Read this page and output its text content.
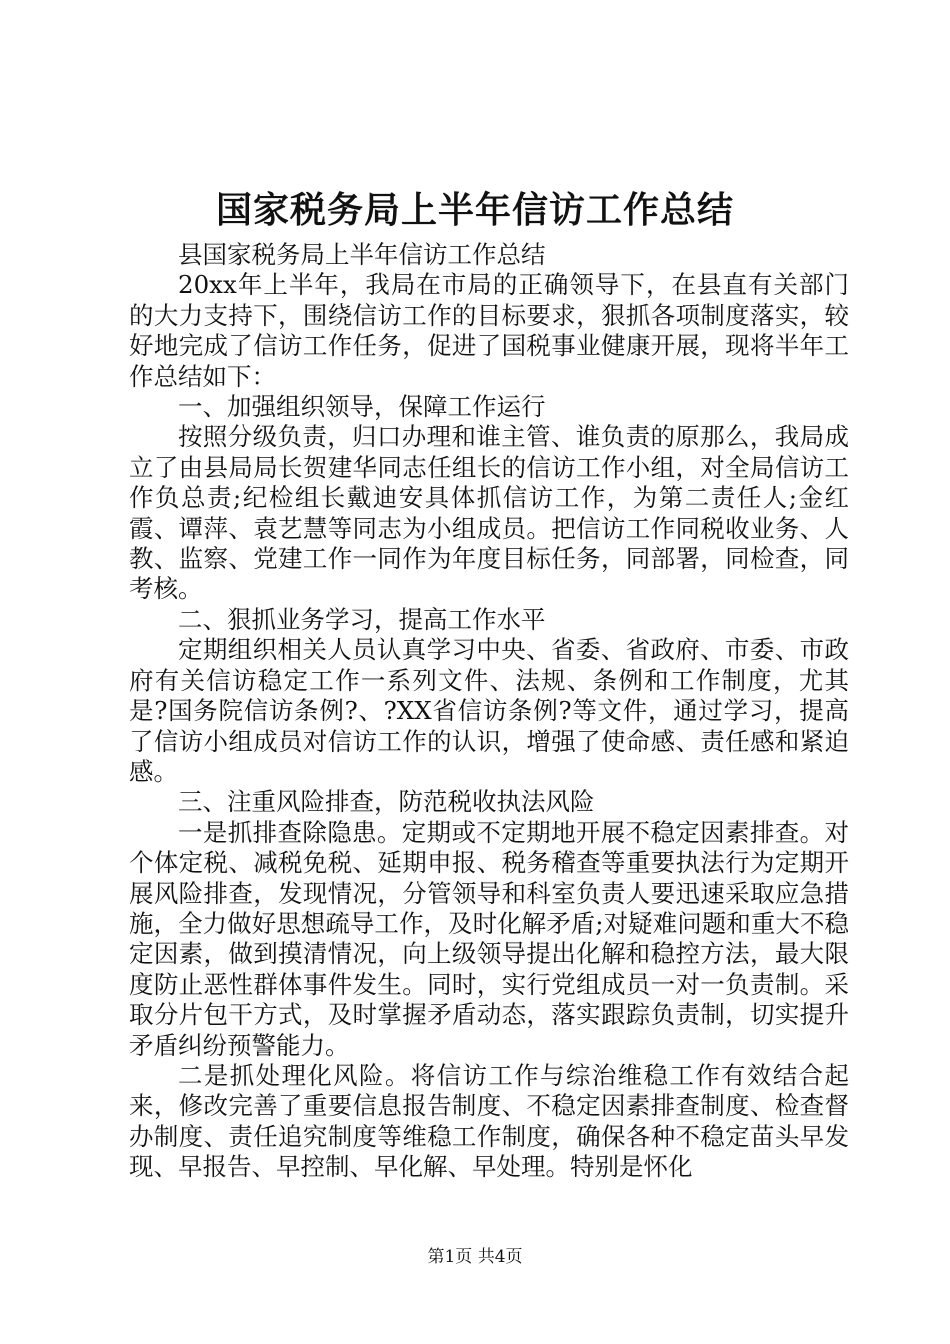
国家税务局上半年信访工作总结

县国家税务局上半年信访工作总结

20xx年上半年，我局在市局的正确领导下，在县直有关部门的大力支持下，围绕信访工作的目标要求，狠抓各项制度落实，较好地完成了信访工作任务，促进了国税事业健康开展，现将半年工作总结如下：

一、加强组织领导，保障工作运行

按照分级负责，归口办理和谁主管、谁负责的原那么，我局成立了由县局局长贺建华同志任组长的信访工作小组，对全局信访工作负总责;纪检组长戴迪安具体抓信访工作，为第二责任人;金红霞、谭萍、袁艺慧等同志为小组成员。把信访工作同税收业务、人教、监察、党建工作一同作为年度目标任务，同部署，同检查，同考核。

二、狠抓业务学习，提高工作水平

定期组织相关人员认真学习中央、省委、省政府、市委、市政府有关信访稳定工作一系列文件、法规、条例和工作制度，尤其是?国务院信访条例?、?XX省信访条例?等文件，通过学习，提高了信访小组成员对信访工作的认识，增强了使命感、责任感和紧迫感。

三、注重风险排查，防范税收执法风险

一是抓排查除隐患。定期或不定期地开展不稳定因素排查。对个体定税、减税免税、延期申报、税务稽查等重要执法行为定期开展风险排查，发现情况，分管领导和科室负责人要迅速采取应急措施，全力做好思想疏导工作，及时化解矛盾;对疑难问题和重大不稳定因素，做到摸清情况，向上级领导提出化解和稳控方法，最大限度防止恶性群体事件发生。同时，实行党组成员一对一负责制。采取分片包干方式，及时掌握矛盾动态，落实跟踪负责制，切实提升矛盾纠纷预警能力。

二是抓处理化风险。将信访工作与综治维稳工作有效结合起来，修改完善了重要信息报告制度、不稳定因素排查制度、检查督办制度、责任追究制度等维稳工作制度，确保各种不稳定苗头早发现、早报告、早控制、早化解、早处理。特别是怀化

第1页 共4页
